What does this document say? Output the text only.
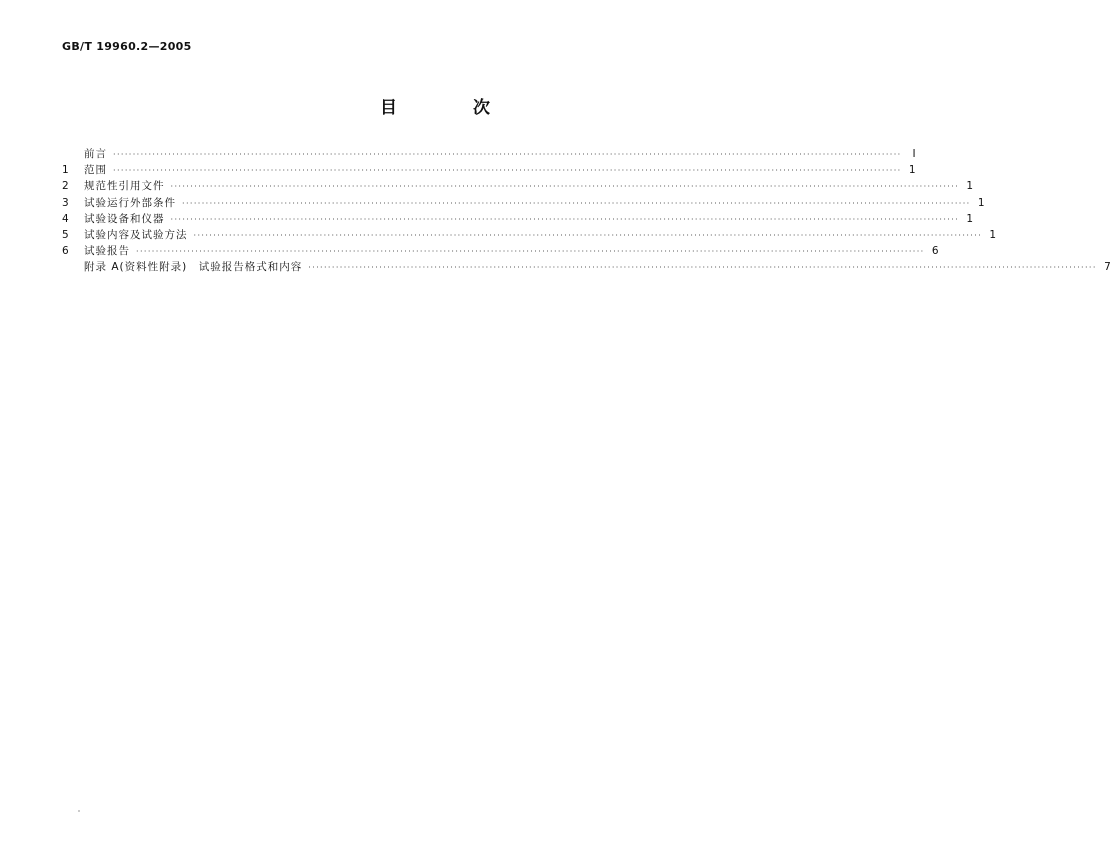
GB/T 19960.2—2005
目	次
前言 ········································································································································································································	I
1	范围 ········································································································································································································ 1
2	规范性引用文件 ········································································································································································································ 1
3	试验运行外部条件 ········································································································································································································ 1
4	试验设备和仪器 ········································································································································································································ 1
5	试验内容及试验方法 ········································································································································································································ 1
6	试验报告 ········································································································································································································ 6
附录 A(资料性附录)　试验报告格式和内容 ········································································································································································································ 7
